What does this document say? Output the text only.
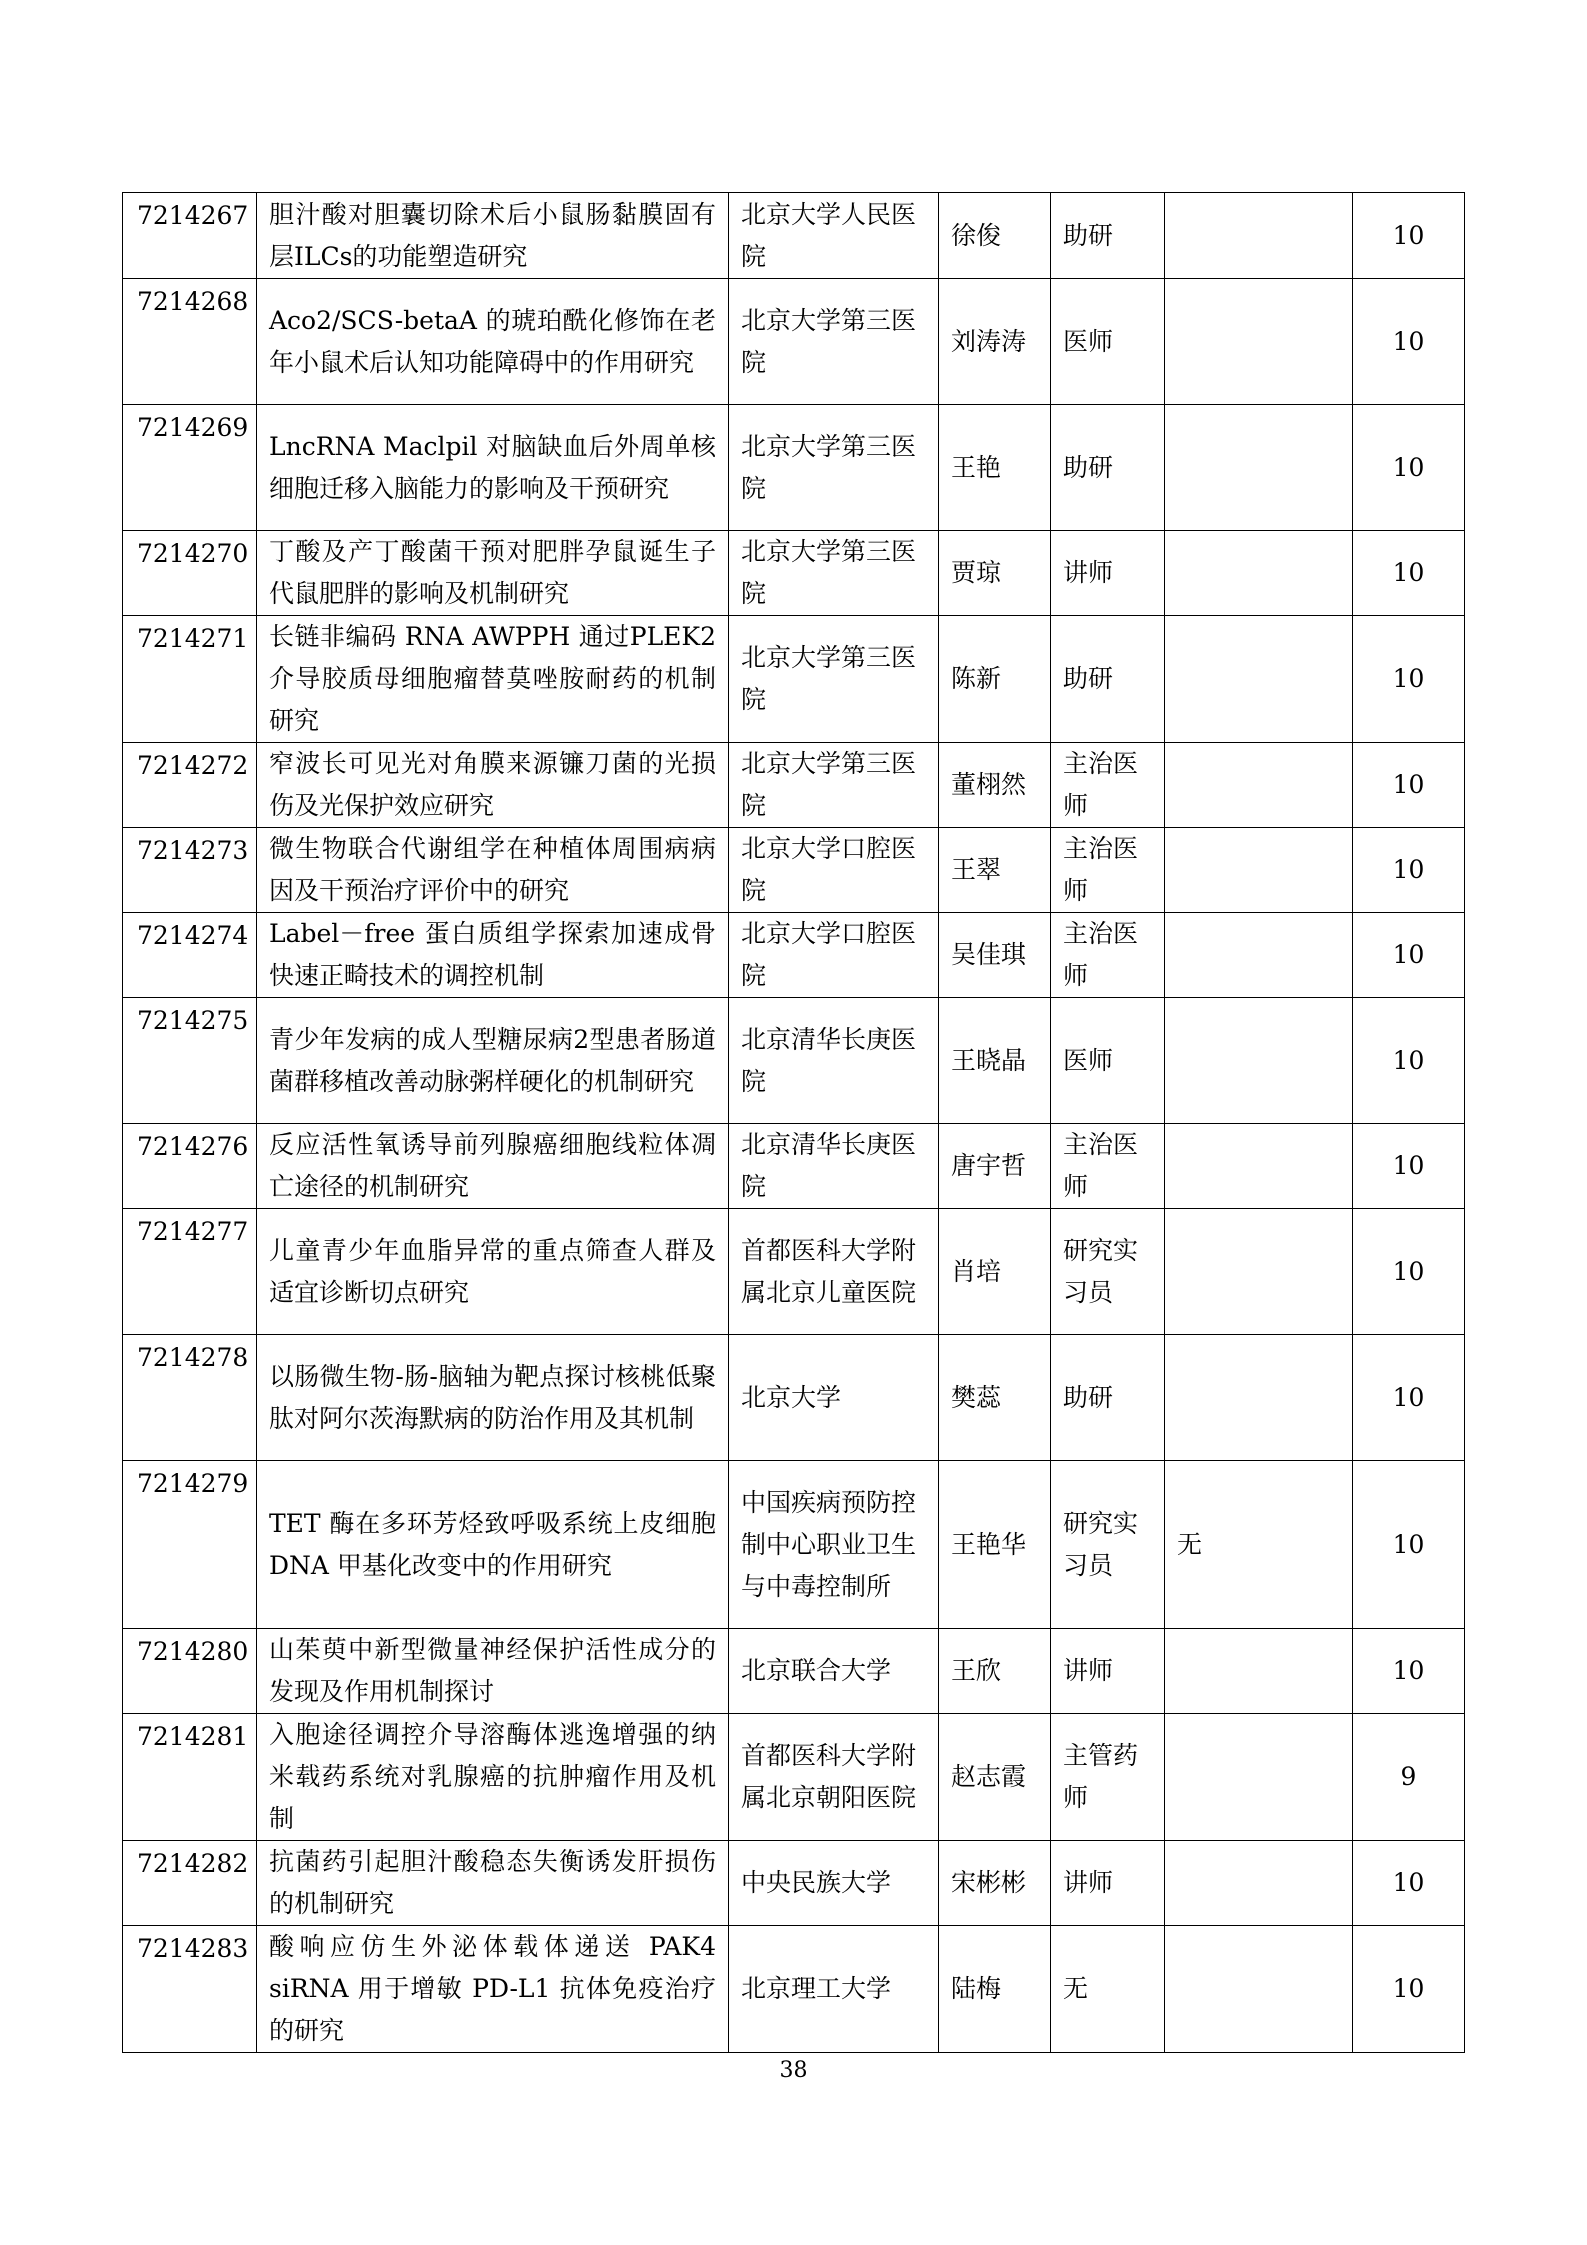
7214267	胆汁酸对胆囊切除术后小鼠肠黏膜固有层ILCs的功能塑造研究	北京大学人民医院	徐俊	助研		10
7214268	Aco2/SCS-betaA 的琥珀酰化修饰在老年小鼠术后认知功能障碍中的作用研究	北京大学第三医院	刘涛涛	医师		10
7214269	LncRNA Maclpil 对脑缺血后外周单核细胞迁移入脑能力的影响及干预研究	北京大学第三医院	王艳	助研		10
7214270	丁酸及产丁酸菌干预对肥胖孕鼠诞生子代鼠肥胖的影响及机制研究	北京大学第三医院	贾琼	讲师		10
7214271	长链非编码 RNA AWPPH 通过PLEK2 介导胶质母细胞瘤替莫唑胺耐药的机制研究	北京大学第三医院	陈新	助研		10
7214272	窄波长可见光对角膜来源镰刀菌的光损伤及光保护效应研究	北京大学第三医院	董栩然	主治医师		10
7214273	微生物联合代谢组学在种植体周围病病因及干预治疗评价中的研究	北京大学口腔医院	王翠	主治医师		10
7214274	Label－free 蛋白质组学探索加速成骨快速正畸技术的调控机制	北京大学口腔医院	吴佳琪	主治医师		10
7214275	青少年发病的成人型糖尿病2型患者肠道菌群移植改善动脉粥样硬化的机制研究	北京清华长庚医院	王晓晶	医师		10
7214276	反应活性氧诱导前列腺癌细胞线粒体凋亡途径的机制研究	北京清华长庚医院	唐宇哲	主治医师		10
7214277	儿童青少年血脂异常的重点筛查人群及适宜诊断切点研究	首都医科大学附属北京儿童医院	肖培	研究实习员		10
7214278	以肠微生物-肠-脑轴为靶点探讨核桃低聚肽对阿尔茨海默病的防治作用及其机制	北京大学	樊蕊	助研		10
7214279	TET 酶在多环芳烃致呼吸系统上皮细胞DNA 甲基化改变中的作用研究	中国疾病预防控制中心职业卫生与中毒控制所	王艳华	研究实习员	无	10
7214280	山茱萸中新型微量神经保护活性成分的发现及作用机制探讨	北京联合大学	王欣	讲师		10
7214281	入胞途径调控介导溶酶体逃逸增强的纳米载药系统对乳腺癌的抗肿瘤作用及机制	首都医科大学附属北京朝阳医院	赵志霞	主管药师		9
7214282	抗菌药引起胆汁酸稳态失衡诱发肝损伤的机制研究	中央民族大学	宋彬彬	讲师		10
7214283	酸响应仿生外泌体载体递送 PAK4 siRNA 用于增敏 PD-L1 抗体免疫治疗的研究	北京理工大学	陆梅	无		10
38
